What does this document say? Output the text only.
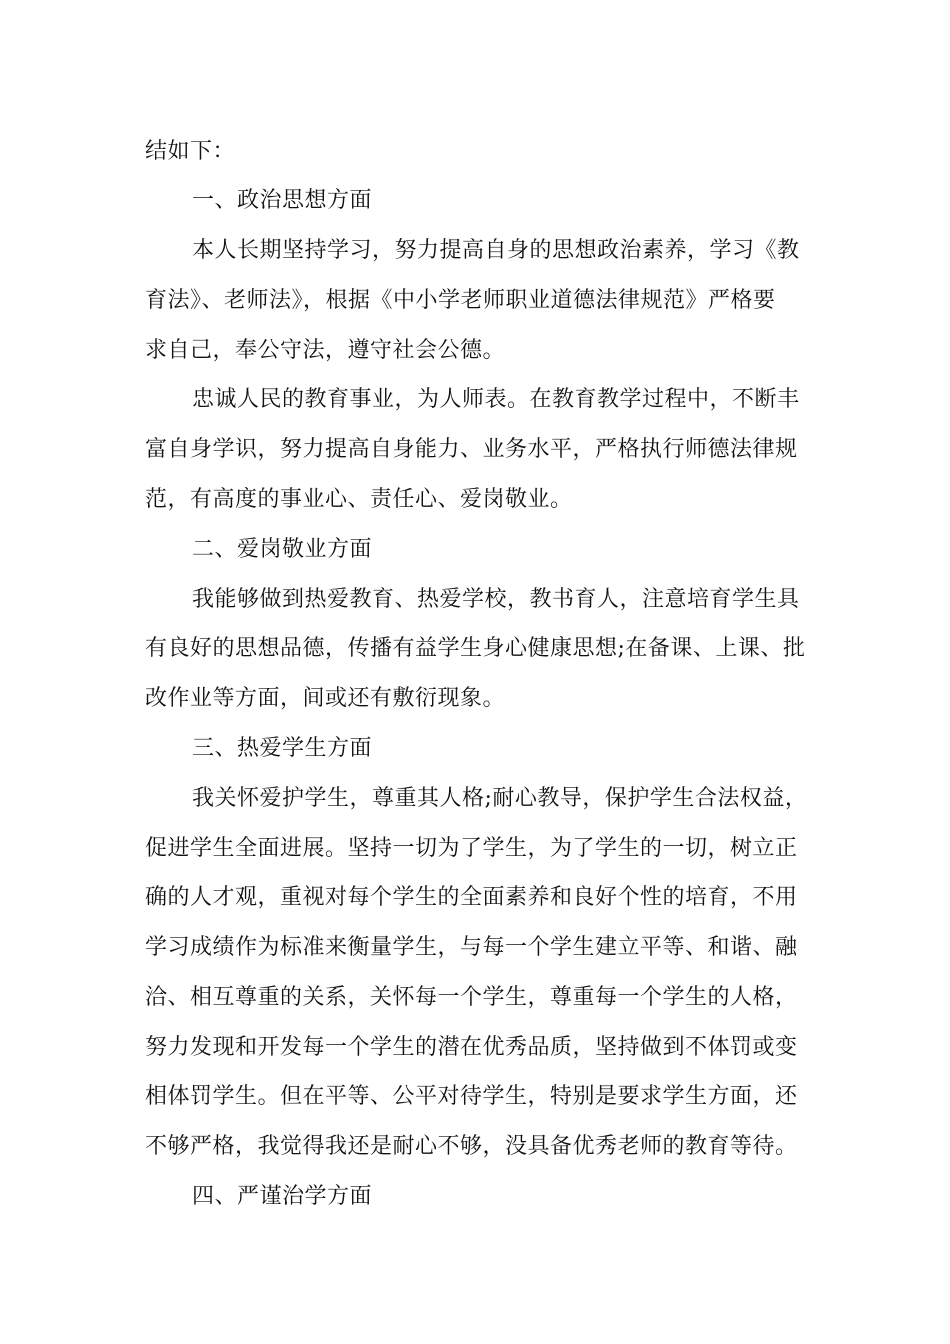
结如下：
一、政治思想方面
本人长期坚持学习，努力提高自身的思想政治素养，学习《教
育法》、老师法》，根据《中小学老师职业道德法律规范》严格要
求自己，奉公守法，遵守社会公德。
忠诚人民的教育事业，为人师表。在教育教学过程中，不断丰
富自身学识，努力提高自身能力、业务水平，严格执行师德法律规
范，有高度的事业心、责任心、爱岗敬业。
二、爱岗敬业方面
我能够做到热爱教育、热爱学校，教书育人，注意培育学生具
有良好的思想品德，传播有益学生身心健康思想;在备课、上课、批
改作业等方面，间或还有敷衍现象。
三、热爱学生方面
我关怀爱护学生，尊重其人格;耐心教导，保护学生合法权益，
促进学生全面进展。坚持一切为了学生，为了学生的一切，树立正
确的人才观，重视对每个学生的全面素养和良好个性的培育，不用
学习成绩作为标准来衡量学生，与每一个学生建立平等、和谐、融
洽、相互尊重的关系，关怀每一个学生，尊重每一个学生的人格，
努力发现和开发每一个学生的潜在优秀品质，坚持做到不体罚或变
相体罚学生。但在平等、公平对待学生，特别是要求学生方面，还
不够严格，我觉得我还是耐心不够，没具备优秀老师的教育等待。
四、严谨治学方面
